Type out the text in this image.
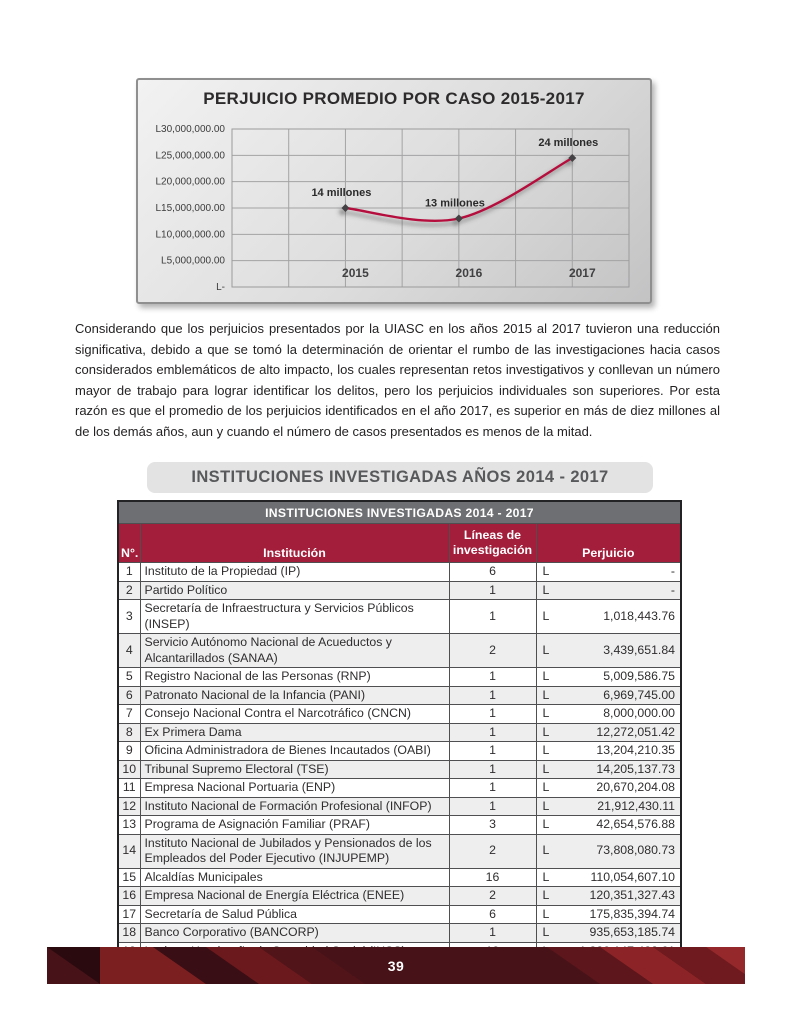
PERJUICIO PROMEDIO POR CASO 2015-2017
L30,000,000.00
L25,000,000.00
L20,000,000.00
L15,000,000.00
L10,000,000.00
L5,000,000.00
L-
2015	2016	2017
14 millones
13 millones
24 millones
Considerando que los perjuicios presentados por la UIASC en los años 2015 al 2017 tuvieron una reducción significativa, debido a que se tomó la determinación de orientar el rumbo de las investigaciones hacia casos considerados emblemáticos de alto impacto, los cuales representan retos investigativos y conllevan un número mayor de trabajo para lograr identificar los delitos, pero los perjuicios individuales son superiores. Por esta razón es que el promedio de los perjuicios identificados en el año 2017, es superior en más de diez millones al de los demás años, aun y cuando el número de casos presentados es menos de la mitad.
INSTITUCIONES INVESTIGADAS AÑOS 2014 - 2017
INSTITUCIONES INVESTIGADAS 2014 - 2017			
N°.	Institución	Líneas de investigación	Perjuicio
1	Instituto de la Propiedad (IP)	6	L -
2	Partido Político	1	L -
3	Secretaría de Infraestructura y Servicios Públicos (INSEP)	1	L 1,018,443.76
4	Servicio Autónomo Nacional de Acueductos y Alcantarillados (SANAA)	2	L 3,439,651.84
5	Registro Nacional de las Personas (RNP)	1	L 5,009,586.75
6	Patronato Nacional de la Infancia (PANI)	1	L 6,969,745.00
7	Consejo Nacional Contra el Narcotráfico (CNCN)	1	L 8,000,000.00
8	Ex Primera Dama	1	L 12,272,051.42
9	Oficina Administradora de Bienes Incautados (OABI)	1	L 13,204,210.35
10	Tribunal Supremo Electoral (TSE)	1	L 14,205,137.73
11	Empresa Nacional Portuaria (ENP)	1	L 20,670,204.08
12	Instituto Nacional de Formación Profesional (INFOP)	1	L 21,912,430.11
13	Programa de Asignación Familiar (PRAF)	3	L 42,654,576.88
14	Instituto Nacional de Jubilados y Pensionados de los Empleados del Poder Ejecutivo (INJUPEMP)	2	L 73,808,080.73
15	Alcaldías Municipales	16	L 110,054,607.10
16	Empresa Nacional de Energía Eléctrica (ENEE)	2	L 120,351,327.43
17	Secretaría de Salud Pública	6	L 175,835,394.74
18	Banco Corporativo (BANCORP)	1	L 935,653,185.74

39
